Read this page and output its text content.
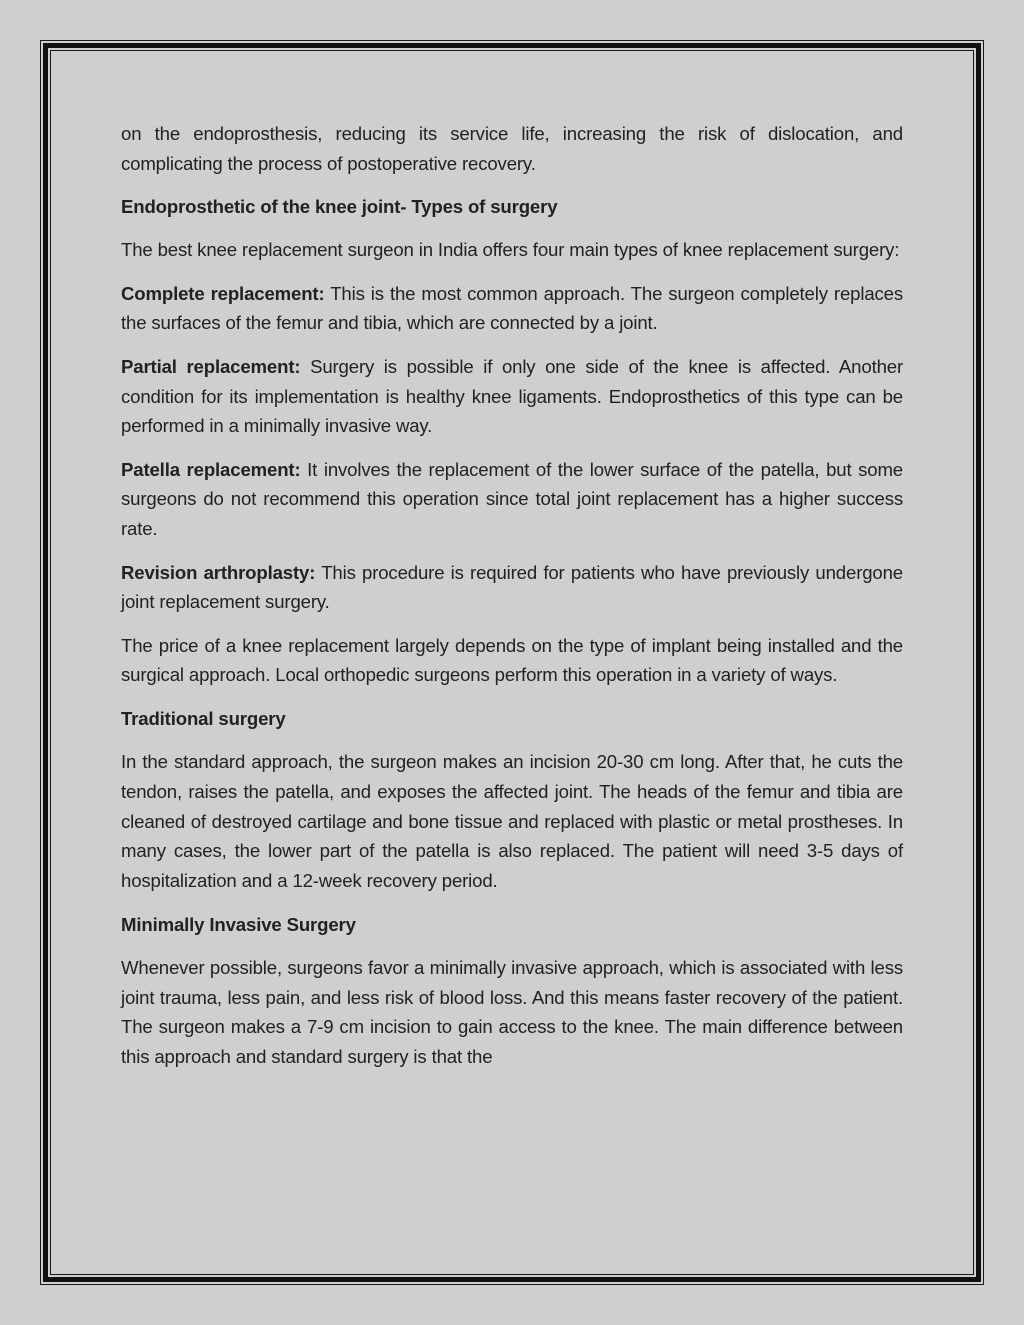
on the endoprosthesis, reducing its service life, increasing the risk of dislocation, and complicating the process of postoperative recovery.

Endoprosthetic of the knee joint- Types of surgery

The best knee replacement surgeon in India offers four main types of knee replacement surgery:

Complete replacement: This is the most common approach. The surgeon completely replaces the surfaces of the femur and tibia, which are connected by a joint.

Partial replacement: Surgery is possible if only one side of the knee is affected. Another condition for its implementation is healthy knee ligaments. Endoprosthetics of this type can be performed in a minimally invasive way.

Patella replacement: It involves the replacement of the lower surface of the patella, but some surgeons do not recommend this operation since total joint replacement has a higher success rate.

Revision arthroplasty: This procedure is required for patients who have previously undergone joint replacement surgery.

The price of a knee replacement largely depends on the type of implant being installed and the surgical approach. Local orthopedic surgeons perform this operation in a variety of ways.

Traditional surgery

In the standard approach, the surgeon makes an incision 20-30 cm long. After that, he cuts the tendon, raises the patella, and exposes the affected joint. The heads of the femur and tibia are cleaned of destroyed cartilage and bone tissue and replaced with plastic or metal prostheses. In many cases, the lower part of the patella is also replaced. The patient will need 3-5 days of hospitalization and a 12-week recovery period.

Minimally Invasive Surgery

Whenever possible, surgeons favor a minimally invasive approach, which is associated with less joint trauma, less pain, and less risk of blood loss. And this means faster recovery of the patient. The surgeon makes a 7-9 cm incision to gain access to the knee. The main difference between this approach and standard surgery is that the
